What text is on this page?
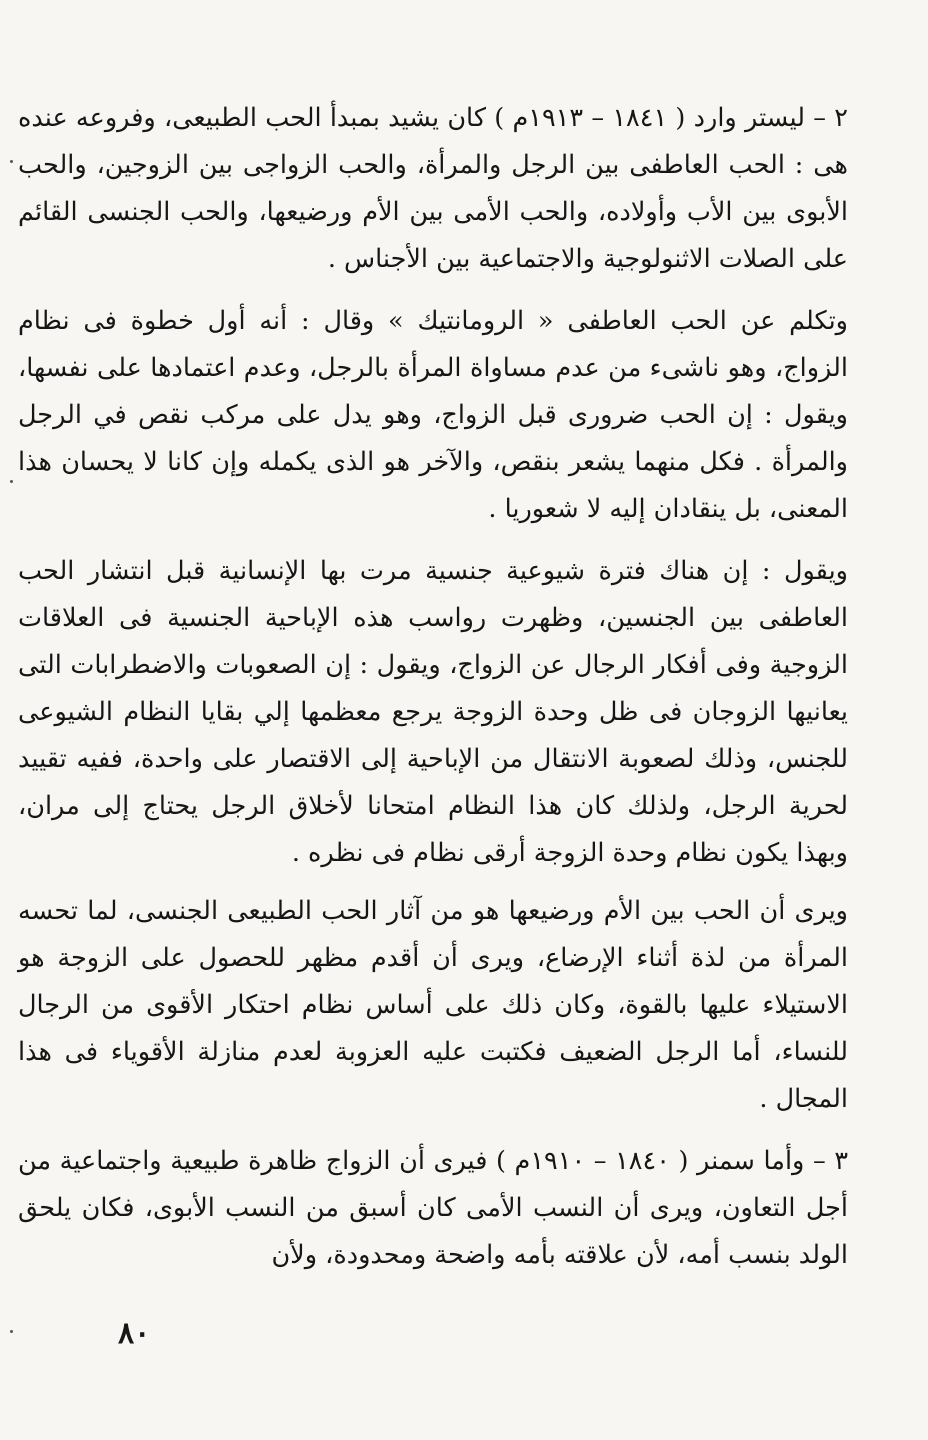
٢ – ليستر وارد ( ١٨٤١ – ١٩١٣م ) كان يشيد بمبدأ الحب الطبيعى، وفروعه عنده هى : الحب العاطفى بين الرجل والمرأة، والحب الزواجى بين الزوجين، والحب الأبوى بين الأب وأولاده، والحب الأمى بين الأم ورضيعها، والحب الجنسى القائم على الصلات الاثنولوجية والاجتماعية بين الأجناس .

وتكلم عن الحب العاطفى « الرومانتيك » وقال : أنه أول خطوة فى نظام الزواج، وهو ناشىء من عدم مساواة المرأة بالرجل، وعدم اعتمادها على نفسها، ويقول : إن الحب ضرورى قبل الزواج، وهو يدل على مركب نقص في الرجل والمرأة . فكل منهما يشعر بنقص، والآخر هو الذى يكمله وإن كانا لا يحسان هذا المعنى، بل ينقادان إليه لا شعوريا .

ويقول : إن هناك فترة شيوعية جنسية مرت بها الإنسانية قبل انتشار الحب العاطفى بين الجنسين، وظهرت رواسب هذه الإباحية الجنسية فى العلاقات الزوجية وفى أفكار الرجال عن الزواج، ويقول : إن الصعوبات والاضطرابات التى يعانيها الزوجان فى ظل وحدة الزوجة يرجع معظمها إلي بقايا النظام الشيوعى للجنس، وذلك لصعوبة الانتقال من الإباحية إلى الاقتصار على واحدة، ففيه تقييد لحرية الرجل، ولذلك كان هذا النظام امتحانا لأخلاق الرجل يحتاج إلى مران، وبهذا يكون نظام وحدة الزوجة أرقى نظام فى نظره .

ويرى أن الحب بين الأم ورضيعها هو من آثار الحب الطبيعى الجنسى، لما تحسه المرأة من لذة أثناء الإرضاع، ويرى أن أقدم مظهر للحصول على الزوجة هو الاستيلاء عليها بالقوة، وكان ذلك على أساس نظام احتكار الأقوى من الرجال للنساء، أما الرجل الضعيف فكتبت عليه العزوبة لعدم منازلة الأقوياء فى هذا المجال .

٣ – وأما سمنر ( ١٨٤٠ – ١٩١٠م ) فيرى أن الزواج ظاهرة طبيعية واجتماعية من أجل التعاون، ويرى أن النسب الأمى كان أسبق من النسب الأبوى، فكان يلحق الولد بنسب أمه، لأن علاقته بأمه واضحة ومحدودة، ولأن

٨٠
